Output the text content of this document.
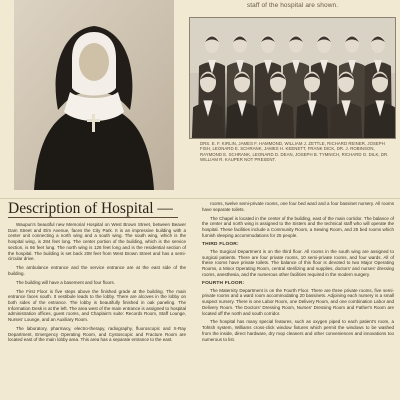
staff of the hospital are shown.
DRS. E. F. KIRLIN, JAMES F. HAMMOND, WILLIAM J. ZETTLE, RICHARD REINER, JOSEPH FISH, LEONARD E. SCHRANK, JAMES H. KEENETT, FRANK DICK, DR. J. ROBINSON, RAYMOND E. SCHRANK, LEONARD D. DEAN, JOSEPH B. TYMNICH, RICHARD O. DILK, DR. WILLIAM R. KAUPER NOT PRESENT.
Description of Hospital —

Waupun's beautiful new Memorial Hospital on West Brown Street, between Beaver Dam Street and Elm Avenue, faces the City Park. It is an impressive building with a center unit connecting a north wing and a south wing. The south wing, which is the hospital wing, is 284 feet long. The center portion of the building, which is the service section, is 66 feet long. The north wing is 126 feet long and is the residential section of the hospital. The building is set back 208 feet from West Brown Street and has a semi-circular drive.

The ambulance entrance and the service entrance are at the east side of the building.

The building will have a basement and four floors.

The First Floor is five steps above the finished grade at the building. The main entrance faces south. It vestibule leads to the lobby. There are alcoves in the lobby on both sides of the entrance. The lobby is beautifully finished in oak paneling. The Information Desk is at the left. The area west of the main entrance is assigned to hospital administration offices, guest rooms, and Chaplain's suite: Records Room, Staff Lounge, Nurses' Lounge, and an Auxiliary Room.

The laboratory, pharmacy, electro-therapy, radiography, fluoroscopic and X-Ray Department, Emergency Operating Room, and Cystoscopic and Fracture Room are located east of the main lobby area. This area has a separate entrance to the east.

rooms, twelve semi-private rooms, one four bed ward and a four bassinet nursery. All rooms have separate toilets.

The Chapel is located in the center of the building, east of the main corridor. The balance of the center and north wing is assigned to the Sisters and the technical staff who will operate the hospital. These facilities include a Community Room, a Sewing Room, and 25 bed rooms which furnish sleeping accommodations for 25 people.

THIRD FLOOR:

The Surgical Department is on the third floor. All rooms in the south wing are assigned to surgical patients. There are four private rooms, 10 semi-private rooms, and four wards. All of these rooms have private toilets. The balance of this floor is devoted to two Major Operating Rooms, a Minor Operating Room, central sterilizing and supplies, doctors' and nurses' dressing rooms, anesthesia, and the numerous other facilities required in the modern surgery.

FOURTH FLOOR:

The Maternity Department is on the Fourth Floor. There are three private rooms, five semi-private rooms and a ward room accommodating 20 bassinets. Adjoining each nursery is a small suspect nursery. There is one Labor Room, one Delivery Room, and one combination Labor and Delivery Room. The Doctors' Dressing Room, Nurses' Dressing Room and Father's Room are located off the north and south corridor.

The hospital has many special features, such as oxygen piped to each patient's room, a Tohtsh system, Williams cross-click window fixtures which permit the windows to be washed from the inside, direct hardware, dry mop cleaners and other conveniences and innovations too numerous to list.
